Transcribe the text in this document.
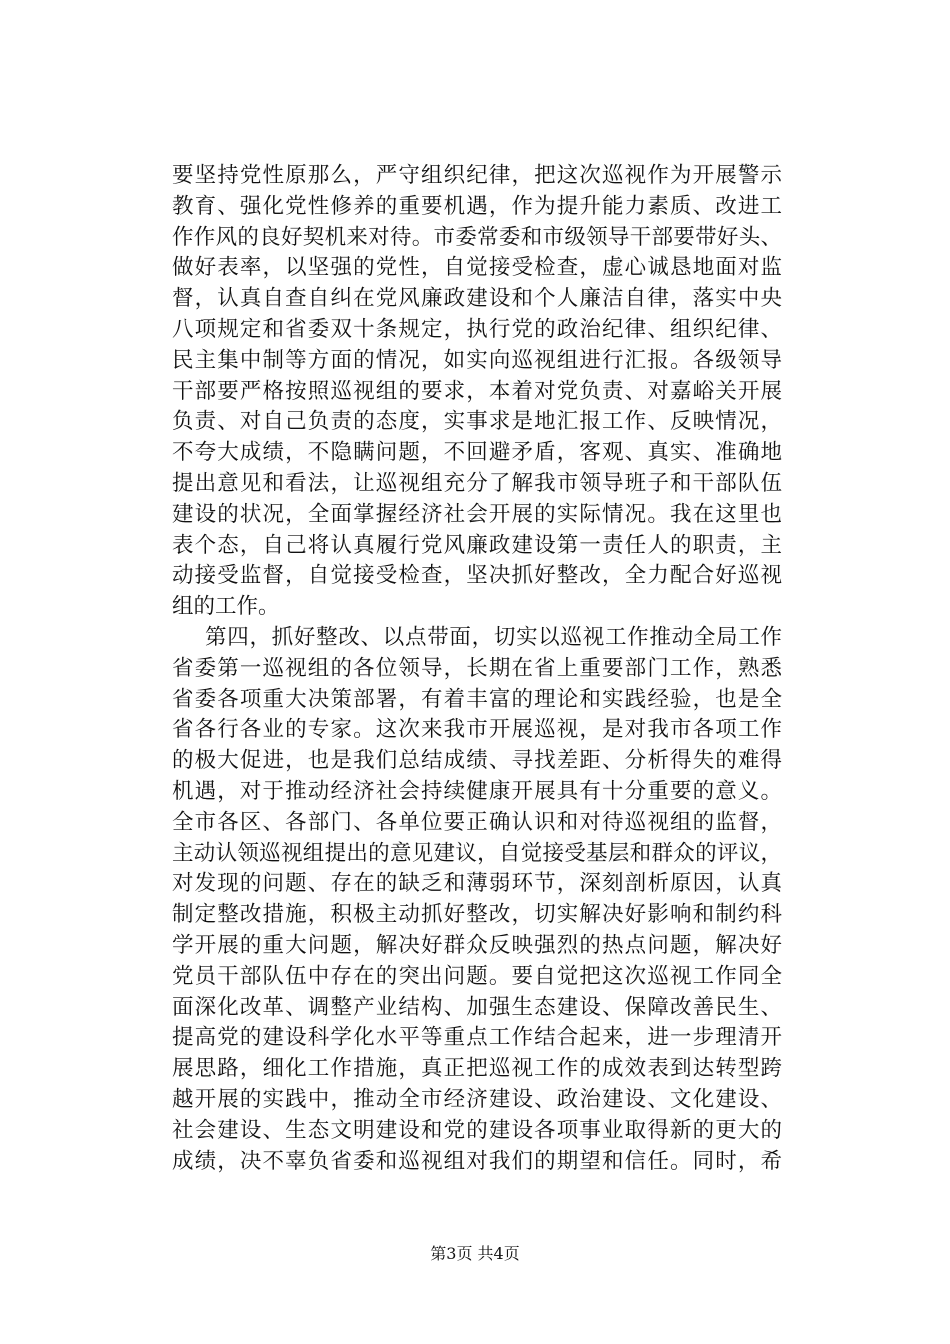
要坚持党性原那么，严守组织纪律，把这次巡视作为开展警示
教育、强化党性修养的重要机遇，作为提升能力素质、改进工
作作风的良好契机来对待。市委常委和市级领导干部要带好头、
做好表率，以坚强的党性，自觉接受检查，虚心诚恳地面对监
督，认真自查自纠在党风廉政建设和个人廉洁自律，落实中央
八项规定和省委双十条规定，执行党的政治纪律、组织纪律、
民主集中制等方面的情况，如实向巡视组进行汇报。各级领导
干部要严格按照巡视组的要求，本着对党负责、对嘉峪关开展
负责、对自己负责的态度，实事求是地汇报工作、反映情况，
不夸大成绩，不隐瞒问题，不回避矛盾，客观、真实、准确地
提出意见和看法，让巡视组充分了解我市领导班子和干部队伍
建设的状况，全面掌握经济社会开展的实际情况。我在这里也
表个态，自己将认真履行党风廉政建设第一责任人的职责，主
动接受监督，自觉接受检查，坚决抓好整改，全力配合好巡视
组的工作。
第四，抓好整改、以点带面，切实以巡视工作推动全局工作
省委第一巡视组的各位领导，长期在省上重要部门工作，熟悉
省委各项重大决策部署，有着丰富的理论和实践经验，也是全
省各行各业的专家。这次来我市开展巡视，是对我市各项工作
的极大促进，也是我们总结成绩、寻找差距、分析得失的难得
机遇，对于推动经济社会持续健康开展具有十分重要的意义。
全市各区、各部门、各单位要正确认识和对待巡视组的监督，
主动认领巡视组提出的意见建议，自觉接受基层和群众的评议，
对发现的问题、存在的缺乏和薄弱环节，深刻剖析原因，认真
制定整改措施，积极主动抓好整改，切实解决好影响和制约科
学开展的重大问题，解决好群众反映强烈的热点问题，解决好
党员干部队伍中存在的突出问题。要自觉把这次巡视工作同全
面深化改革、调整产业结构、加强生态建设、保障改善民生、
提高党的建设科学化水平等重点工作结合起来，进一步理清开
展思路，细化工作措施，真正把巡视工作的成效表到达转型跨
越开展的实践中，推动全市经济建设、政治建设、文化建设、
社会建设、生态文明建设和党的建设各项事业取得新的更大的
成绩，决不辜负省委和巡视组对我们的期望和信任。同时，希
第3页 共4页
